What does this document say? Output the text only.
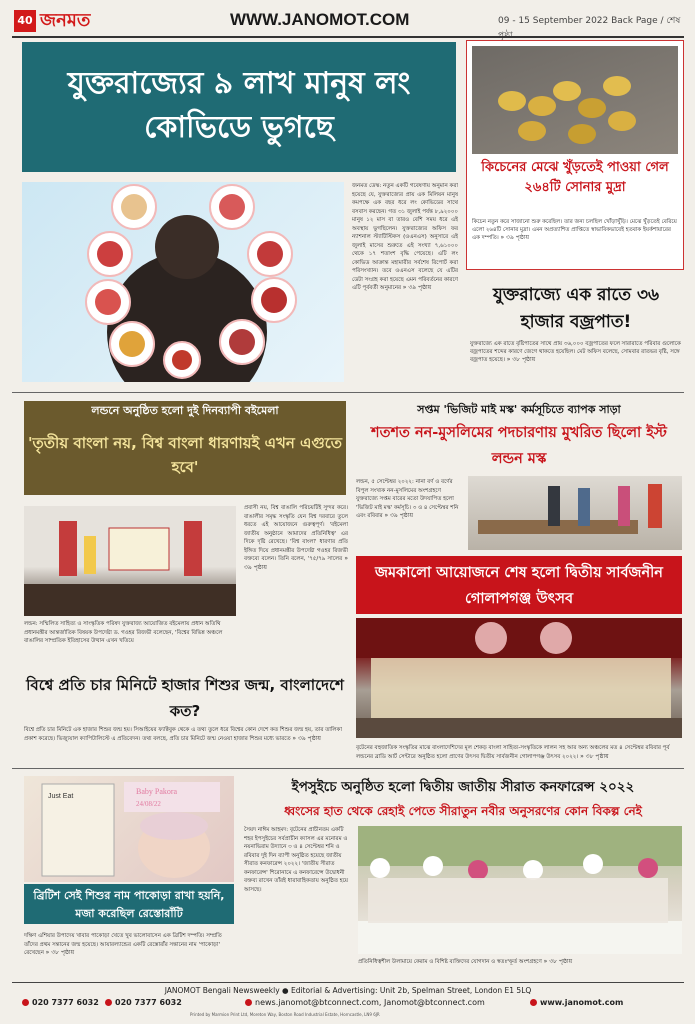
40 জনমত	WWW.JANOMOT.COM	09 - 15 September 2022 Back Page / শেষ
যুক্তরাজ্যের ৯ লাখ মানুষ লং কোভিডে ভুগছে
জনমত ডেস্ক: নতুন একটি গবেষণায় অনুমান করা হয়েছে যে, যুক্তরাজ্যের প্রায় এক মিলিয়ন মানুষ কমপক্ষে এক বছর ধরে লং কোভিডের সাথে বসবাস করছেন। গত ৩১ জুলাই পর্যন্ত ৮,৯২০০০ মানুষ ১২ মাস বা তারও বেশি সময় ধরে এই অবস্থায় ভুগছিলেন। যুক্তরাজ্যের অফিস ফর ন্যাশনাল স্ট্যাটিস্টিকস (ওএনএস) অনুসারে এই জুলাই মাসের শুরুতে এই সংখ্যা ৭,৬১০০০ থেকে ১৭ শতাংশ বৃদ্ধি পেয়েছে। এটি লং কোভিড আক্রান্ত মহামারীর সর্বশেষ রিপোর্ট করা পরিসংখ্যান। তবে ওএনএস বলেছে যে এটির ডেটা সংগ্রহ করা হয়েছে এমন পরিবর্তনের কারণে এটি পূর্ববর্তী অনুমানের » ৩৯ পৃষ্ঠায়
কিচেনের মেঝে খুঁড়তেই পাওয়া গেল ২৬৪টি সোনার মুদ্রা
কিচেন নতুন করে সাজানো শুরু করেছিল। তার জন্য চলছিল খোঁড়াখুঁড়ি। মেঝে খুঁড়তেই বেরিয়ে এলো ২৬৪টি সোনার মুদ্রা। এমন অপ্রত্যাশিত প্রাপ্তিতে স্বাভাবিকভাবেই হতবাক ইয়র্কশায়ারের এক দম্পতি। » ৩৯ পৃষ্ঠায়
যুক্তরাজ্যে এক রাতে ৩৬ হাজার বজ্রপাত!
যুক্তরাজ্যে এক রাতে বৃষ্টিপাতের সাথে প্রায় ৩৬,০০০ বজ্রপাতের ফলে সারারাতে পরিবার গুলোকে বজ্রপাতের শব্দের কারণে জেগে থাকতে হয়েছিল। মেট অফিস বলেছে, সোমবার রাতভর বৃষ্টি, সঙ্গে বজ্রপাত হয়েছে। » ৩৮ পৃষ্ঠায়
লন্ডনে অনুষ্ঠিত হলো দুই দিনব্যাপী বইমেলা
'তৃতীয় বাংলা নয়, বিশ্ব বাংলা ধারণায়ই এখন এগুতে হবে'
প্রবাসী নয়, বিশ্ব বাঙালি পরিচয়টিই সুন্দর করে। বাঙালীর সমৃদ্ধ সংস্কৃতি যেন বিশ্ব দরবারে তুলে ধরতে এই আয়োজনে গুরুত্বপূর্ণ। 'বইমেলা জাতীয় অনুষ্ঠানে আমাদের প্রতিনিধিত্ব' এর দিকে দৃষ্টি রেখেছে। 'বিশ্ব বাংলা' ধারণার প্রতি ইঙ্গিত দিয়ে প্রধানমন্ত্রীর উপদেষ্টা গওহর রিজভী বক্তব্যে বলেন। তিনি বলেন, '৭৫/৭৯ সালের » ৩৯ পৃষ্ঠায়
লন্ডন: সম্মিলিত সাহিত্য ও সাংস্কৃতিক পরিষদ যুক্তরাজ্য আয়োজিত বইমেলায় প্রধান অতিথি প্রধানমন্ত্রীর আন্তর্জাতিক বিষয়ক উপদেষ্টা ড. গওহর রিজভী বলেছেন, 'বিশ্বের বিভিন্ন অঞ্চলে বাঙালির সাম্প্রতিক ইতিহাসের উত্থান এখন খতিয়ে
বিশ্বে প্রতি চার মিনিটে হাজার শিশুর জন্ম, বাংলাদেশে কত?
বিশ্বে প্রতি চার মিনিটে এক হাজার শিশুর জন্ম হয়। সিআইয়ের ফ্যাক্টবুক থেকে এ তথ্য তুলে ধরে বিশ্বের কোন দেশে কত শিশুর জন্ম হয়, তার তালিকা প্রকাশ করেছে। ভিজ্যুয়াল ক্যাপিটালিস্টে এ প্রতিবেদন। তথ্য বলছে, প্রতি চার মিনিটে জন্ম নেওয়া হাজার শিশুর মধ্যে ভারতে » ৩৯ পৃষ্ঠায়
সপ্তম 'ভিজিট মাই মস্ক' কর্মসূচিতে ব্যাপক সাড়া
শতশত নন-মুসলিমের পদচারণায় মুখরিত ছিলো ইস্ট লন্ডন মস্ক
লন্ডন, ৫ সেপ্টেম্বর ২০২২: নানা বর্ণ ও বর্ণের বিপুল সংখ্যক নন-মুসলিমের অংশগ্রহণে যুক্তরাজ্যে সপ্তম বারের মতো উদযাপিত হলো 'ভিজিট মাই মস্ক' কর্মসূচি। ৩ ও ৪ সেপ্টেম্বর শনি এবং রবিবার » ৩৯ পৃষ্ঠায়
জমকালো আয়োজনে শেষ হলো দ্বিতীয় সার্বজনীন গোলাপগঞ্জ উৎসব
বৃটেনের বহুজাতিক সংস্কৃতির মাঝে বাংলাদেশিদের মূল শেকড় বাংলা সাহিত্য-সংস্কৃতিকে লালন সহ আর অন্য অঞ্চলের মত ৪ সেপ্টেম্বর রবিবার পূর্ব লন্ডনের ব্রাডি আর্ট সেন্টারে অনুষ্ঠিত হলো প্রাণের উৎসব দ্বিতীয় সার্বজনীন গোলাপগঞ্জ উৎসব ২০২২। » ৩৮ পৃষ্ঠায়
Just Eat
Baby Pakora
24/08/22
ব্রিটিশ সেই শিশুর নাম পাকোড়া রাখা হয়নি, মজা করেছিল রেস্তোরাঁটি
দক্ষিণ এশিয়ার উপাদেয় খাবার পাকোড়া খেতে খুব ভালোবাসেন এক ব্রিটিশ দম্পতি। সম্প্রতি তাঁদের প্রথম সন্তানের জন্ম হয়েছে। আয়ারল্যান্ডের একটি রেস্তোরাঁর সন্তানের নাম 'পাকোড়া' রেখেছেন » ৩৮ পৃষ্ঠায়
ইপসুইচে অনুষ্ঠিত হলো দ্বিতীয় জাতীয় সীরাত কনফারেন্স ২০২২
ধ্বংসের হাত থেকে রেহাই পেতে সীরাতুন নবীর অনুসরণের কোন বিকল্প নেই
সৈয়দ নাঈম আহমদ: বৃটেনের প্রাচীনতম একটি শহর ইপসুইচের সর্বপ্রাচীন ক্যাসল এর মনোরম ও নয়নাভিরাম উদ্যানে ৩ ও ৪ সেপ্টেম্বর শনি ও রবিবার দুই দিন ব্যাপী অনুষ্ঠিত হয়েছে জাতীয় সীরাত কনফারেন্স ২০২২। 'জাতীয় সীরাত কনফারেন্স' শিরোনামে এ কনফারেন্সে উদ্বোধনী বক্তব্য রাখেন তাঁরই ধারাবাহিকতায় অনুষ্ঠিত হয়ে আসছে।
প্রতিনিধিত্বশীল উলামায়ে কেরাম ও বিশিষ্ট ব্যক্তিদের যোগদান ও স্বতঃস্ফূর্ত অংশগ্রহণে » ৩৮ পৃষ্ঠায়
JANOMOT Bengali Newsweekly ● Editorial & Advertising: Unit 2b, Spelman Street, London E1 5LQ
020 7377 6032	020 7377 6032	news.janomot@btconnect.com, Janomot@btconnect.com	www.janomot.com
Printed by Marmion Print Ltd, Moreton Way, Boston Road Industrial Estate, Horncastle, LN9 6JR
